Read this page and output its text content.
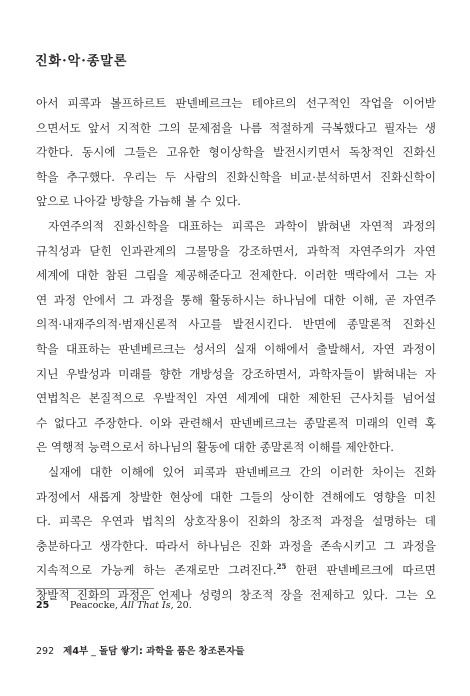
진화·악·종말론
아서 피콕과 볼프하르트 판넨베르크는 테야르의 선구적인 작업을 이어받
으면서도 앞서 지적한 그의 문제점을 나름 적절하게 극복했다고 필자는 생
각한다. 동시에 그들은 고유한 형이상학을 발전시키면서 독창적인 진화신
학을 추구했다. 우리는 두 사람의 진화신학을 비교·분석하면서 진화신학이
앞으로 나아갈 방향을 가늠해 볼 수 있다.
자연주의적 진화신학을 대표하는 피콕은 과학이 밝혀낸 자연적 과정의
규칙성과 닫힌 인과관계의 그물망을 강조하면서, 과학적 자연주의가 자연
세계에 대한 참된 그림을 제공해준다고 전제한다. 이러한 맥락에서 그는 자
연 과정 안에서 그 과정을 통해 활동하시는 하나님에 대한 이해, 곧 자연주
의적·내재주의적·범재신론적 사고를 발전시킨다. 반면에 종말론적 진화신
학을 대표하는 판넨베르크는 성서의 실재 이해에서 출발해서, 자연 과정이
지닌 우발성과 미래를 향한 개방성을 강조하면서, 과학자들이 밝혀내는 자
연법칙은 본질적으로 우발적인 자연 세계에 대한 제한된 근사치를 넘어설
수 없다고 주장한다. 이와 관련해서 판넨베르크는 종말론적 미래의 인력 혹
은 역행적 능력으로서 하나님의 활동에 대한 종말론적 이해를 제안한다.
실재에 대한 이해에 있어 피콕과 판넨베르크 간의 이러한 차이는 진화
과정에서 새롭게 창발한 현상에 대한 그들의 상이한 견해에도 영향을 미친
다. 피콕은 우연과 법칙의 상호작용이 진화의 창조적 과정을 설명하는 데
충분하다고 생각한다. 따라서 하나님은 진화 과정을 존속시키고 그 과정을
지속적으로 가능케 하는 존재로만 그려진다.$^{25}$ 한편 판넨베르크에 따르면
창발적 진화의 과정은 언제나 성령의 창조적 장을 전제하고 있다. 그는 오
25 Peacocke, All That Is, 20.
292 제4부 _ 돌담 쌓기: 과학을 품은 창조론자들
